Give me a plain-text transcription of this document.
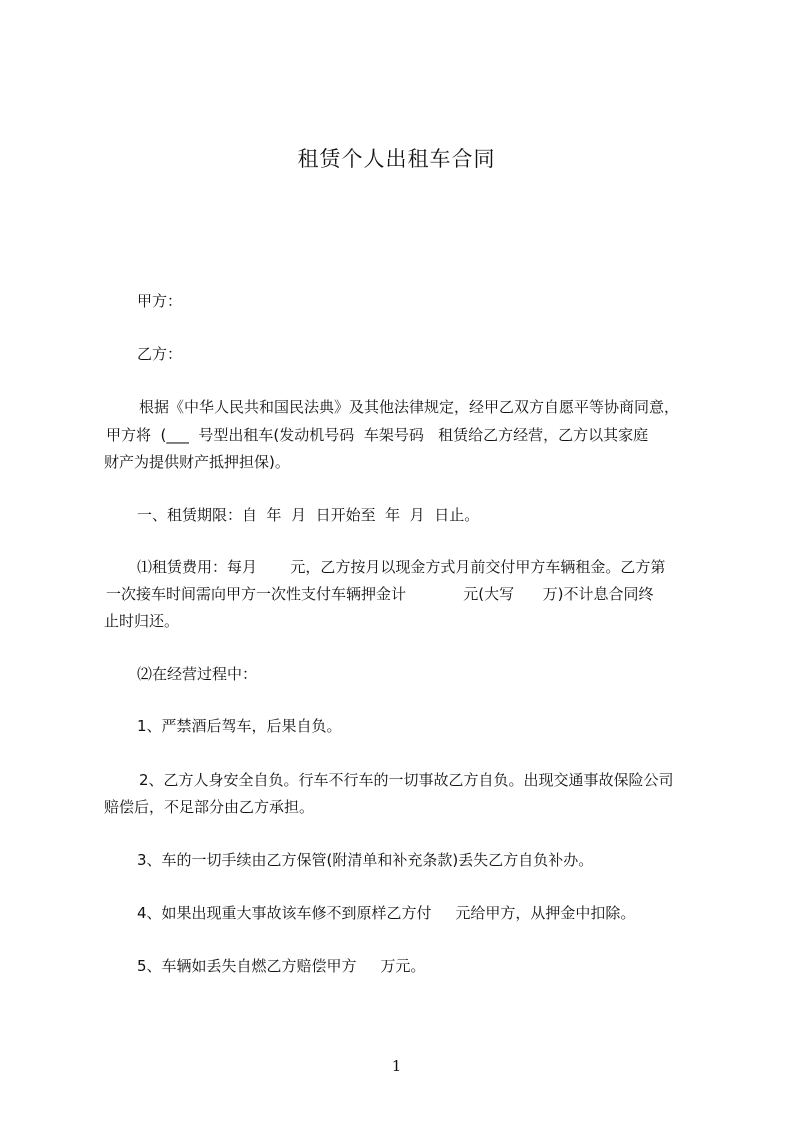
租赁个人出租车合同

甲方：

乙方：

根据《中华人民共和国民法典》及其他法律规定，经甲乙双方自愿平等协商同意，

甲方将  (___  号型出租车(发动机号码  车架号码   租赁给乙方经营，乙方以其家庭

财产为提供财产抵押担保)。

一、租赁期限：自  年  月  日开始至  年  月  日止。

⑴租赁费用：每月       元，乙方按月以现金方式月前交付甲方车辆租金。乙方第

一次接车时间需向甲方一次性支付车辆押金计            元(大写      万)不计息合同终

止时归还。

⑵在经营过程中：

1、严禁酒后驾车，后果自负。

2、乙方人身安全自负。行车不行车的一切事故乙方自负。出现交通事故保险公司

赔偿后，不足部分由乙方承担。

3、车的一切手续由乙方保管(附清单和补充条款)丢失乙方自负补办。

4、如果出现重大事故该车修不到原样乙方付     元给甲方，从押金中扣除。

5、车辆如丢失自燃乙方赔偿甲方     万元。

1
